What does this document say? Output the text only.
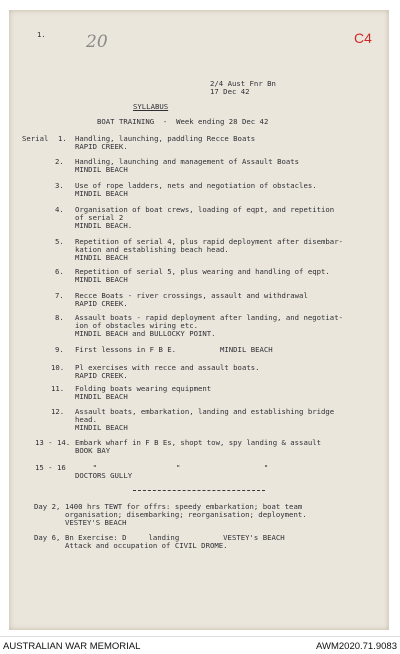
1. 20	C4
2/4 Aust Fnr Bn
17 Dec 42
SYLLABUS
BOAT TRAINING  -  Week ending 28 Dec 42
Serial 1. Handling, launching, paddling Recce Boats
RAPID CREEK.
2. Handling, launching and management of Assault Boats
MINDIL BEACH
3. Use of rope ladders, nets and negotiation of obstacles.
MINDIL BEACH
4. Organisation of boat crews, loading of eqpt, and repetition
of serial 2
MINDIL BEACH.
5. Repetition of serial 4, plus rapid deployment after disembar-
kation and establishing beach head.
MINDIL BEACH
6. Repetition of serial 5, plus wearing and handling of eqpt.
MINDIL BEACH
7. Recce Boats - river crossings, assault and withdrawal
RAPID CREEK.
8. Assault boats - rapid deployment after landing, and negotiat-
ion of obstacles wiring etc.
MINDIL BEACH and BULLOCKY POINT.
9. First lessons in F B E.          MINDIL BEACH
10. Pl exercises with recce and assault boats.
RAPID CREEK.
11. Folding boats wearing equipment
MINDIL BEACH
12. Assault boats, embarkation, landing and establishing bridge
head.
MINDIL BEACH
13 - 14. Embark wharf in F B Es, shopt tow, spy landing & assault
BOOK BAY
15 - 16 "                  "                   "
DOCTORS GULLY
Day 2, 1400 hrs TEWT for offrs: speedy embarkation; boat team
organisation; disembarking; reorganisation; deployment.
VESTEY'S BEACH
Day 6, Bn Exercise: D     landing          VESTEY's BEACH
Attack and occupation of CIVIL DROME.
AUSTRALIAN WAR MEMORIAL	AWM2020.71.9083
